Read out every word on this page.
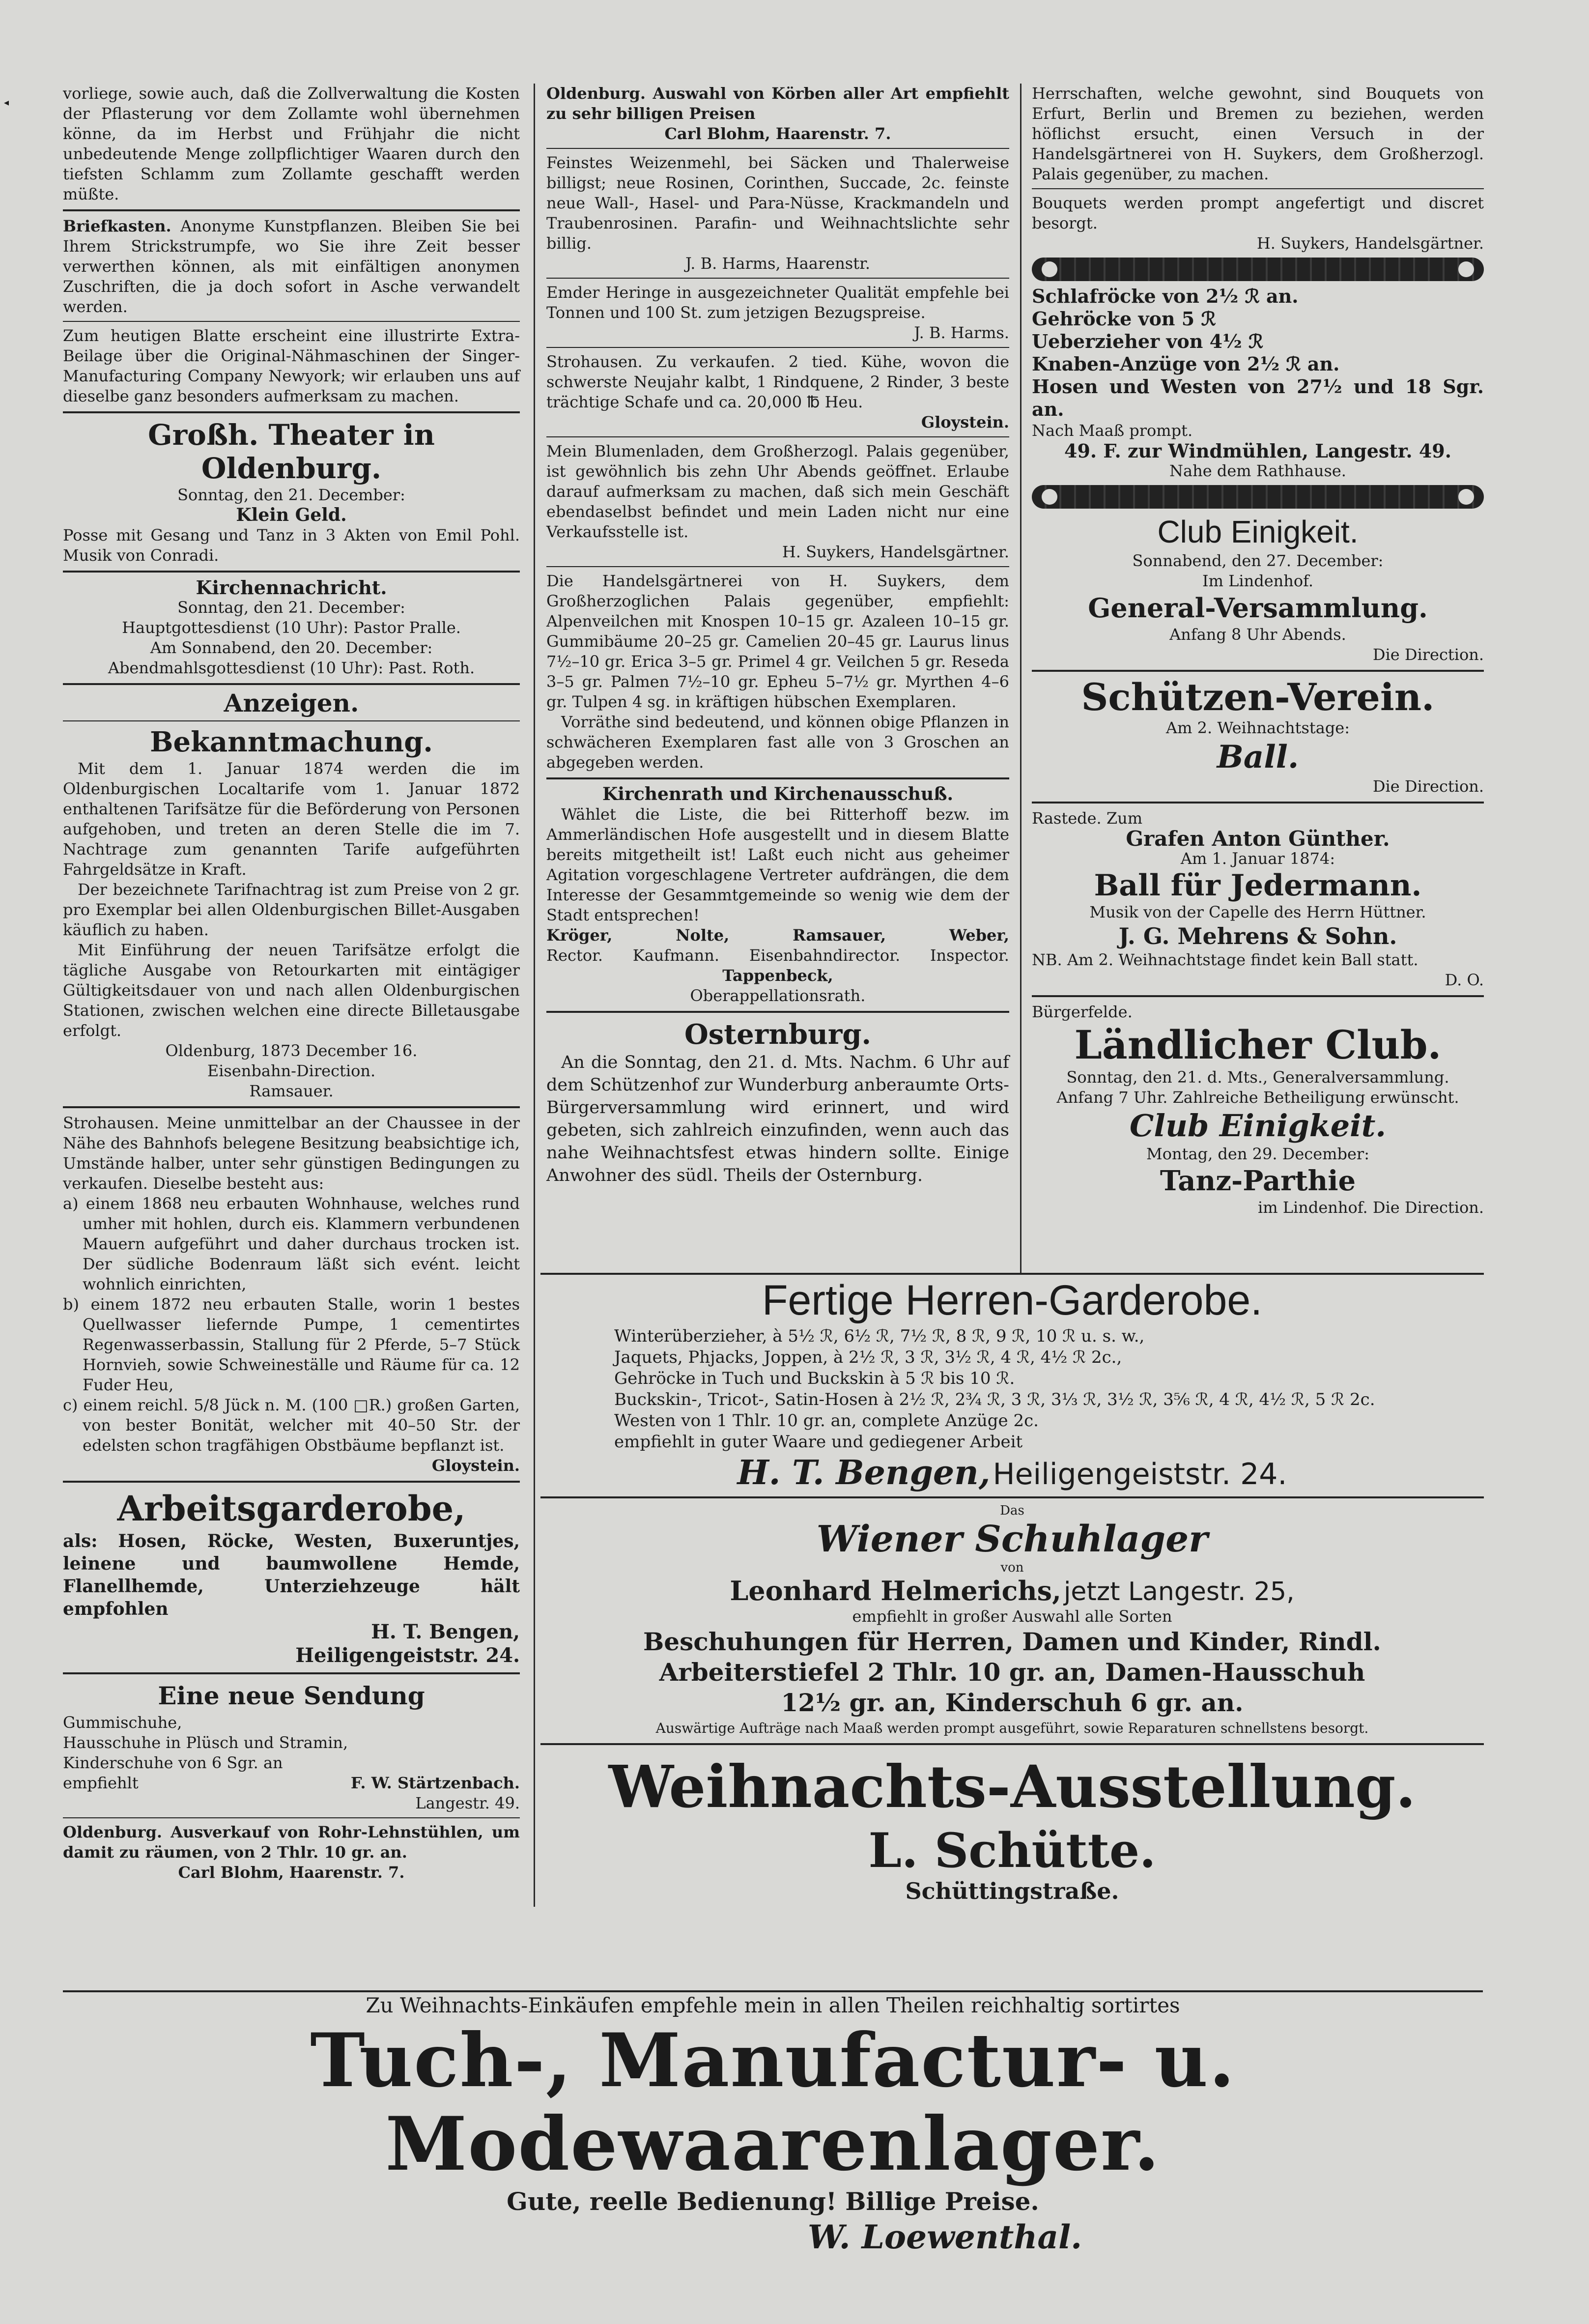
◂	vorliege, sowie auch, daß die Zollverwaltung die Kosten der Pflasterung vor dem Zollamte wohl übernehmen könne, da im Herbst und Frühjahr die nicht unbedeutende Menge zollpflichtiger Waaren durch den tiefsten Schlamm zum Zollamte geschafft werden müßte.

Briefkasten. Anonyme Kunstpflanzen. Bleiben Sie bei Ihrem Strickstrumpfe, wo Sie ihre Zeit besser verwerthen können, als mit einfältigen anonymen Zuschriften, die ja doch sofort in Asche verwandelt werden.

Zum heutigen Blatte erscheint eine illustrirte Extra-Beilage über die Original-Nähmaschinen der Singer-Manufacturing Company Newyork; wir erlauben uns auf dieselbe ganz besonders aufmerksam zu machen.

Großh. Theater in Oldenburg.

Sonntag, den 21. December:

Klein Geld.

Posse mit Gesang und Tanz in 3 Akten von Emil Pohl. Musik von Conradi.

Kirchennachricht.

Sonntag, den 21. December:

Hauptgottesdienst (10 Uhr): Pastor Pralle.

Am Sonnabend, den 20. December:

Abendmahlsgottesdienst (10 Uhr): Past. Roth.

Anzeigen.

Bekanntmachung.

Mit dem 1. Januar 1874 werden die im Oldenburgischen Localtarife vom 1. Januar 1872 enthaltenen Tarifsätze für die Beförderung von Personen aufgehoben, und treten an deren Stelle die im 7. Nachtrage zum genannten Tarife aufgeführten Fahrgeldsätze in Kraft.

Der bezeichnete Tarifnachtrag ist zum Preise von 2 gr. pro Exemplar bei allen Oldenburgischen Billet-Ausgaben käuflich zu haben.

Mit Einführung der neuen Tarifsätze erfolgt die tägliche Ausgabe von Retourkarten mit eintägiger Gültigkeitsdauer von und nach allen Oldenburgischen Stationen, zwischen welchen eine directe Billetausgabe erfolgt.

Oldenburg, 1873 December 16.

Eisenbahn-Direction.

Ramsauer.

Strohausen. Meine unmittelbar an der Chaussee in der Nähe des Bahnhofs belegene Besitzung beabsichtige ich, Umstände halber, unter sehr günstigen Bedingungen zu verkaufen. Dieselbe besteht aus:

a) einem 1868 neu erbauten Wohnhause, welches rund umher mit hohlen, durch eis. Klammern verbundenen Mauern aufgeführt und daher durchaus trocken ist. Der südliche Bodenraum läßt sich evént. leicht wohnlich einrichten,

b) einem 1872 neu erbauten Stalle, worin 1 bestes Quellwasser liefernde Pumpe, 1 cementirtes Regenwasserbassin, Stallung für 2 Pferde, 5–7 Stück Hornvieh, sowie Schweineställe und Räume für ca. 12 Fuder Heu,

c) einem reichl. 5/8 Jück n. M. (100 □R.) großen Garten, von bester Bonität, welcher mit 40–50 Str. der edelsten schon tragfähigen Obstbäume bepflanzt ist.

Gloystein.

Arbeitsgarderobe,

als: Hosen, Röcke, Westen, Buxeruntjes, leinene und baumwollene Hemde, Flanellhemde, Unterziehzeuge hält empfohlen

H. T. Bengen,

Heiligengeiststr. 24.

Eine neue Sendung

Gummischuhe,

Hausschuhe in Plüsch und Stramin,

Kinderschuhe von 6 Sgr. an

empfiehlt	F. W. Stärtzenbach.

Langestr. 49.

Oldenburg. Ausverkauf von Rohr-Lehnstühlen, um damit zu räumen, von 2 Thlr. 10 gr. an.

Carl Blohm, Haarenstr. 7.

Oldenburg. Auswahl von Körben aller Art empfiehlt zu sehr billigen Preisen

Carl Blohm, Haarenstr. 7.

Feinstes Weizenmehl, bei Säcken und Thalerweise billigst; neue Rosinen, Corinthen, Succade, 2c. feinste neue Wall-, Hasel- und Para-Nüsse, Krackmandeln und Traubenrosinen. Parafin- und Weihnachtslichte sehr billig.

J. B. Harms, Haarenstr.

Emder Heringe in ausgezeichneter Qualität empfehle bei Tonnen und 100 St. zum jetzigen Bezugspreise.

J. B. Harms.

Strohausen. Zu verkaufen. 2 tied. Kühe, wovon die schwerste Neujahr kalbt, 1 Rindquene, 2 Rinder, 3 beste trächtige Schafe und ca. 20,000 ℔ Heu.

Gloystein.

Mein Blumenladen, dem Großherzogl. Palais gegenüber, ist gewöhnlich bis zehn Uhr Abends geöffnet. Erlaube darauf aufmerksam zu machen, daß sich mein Geschäft ebendaselbst befindet und mein Laden nicht nur eine Verkaufsstelle ist.

H. Suykers, Handelsgärtner.

Die Handelsgärtnerei von H. Suykers, dem Großherzoglichen Palais gegenüber, empfiehlt: Alpenveilchen mit Knospen 10–15 gr. Azaleen 10–15 gr. Gummibäume 20–25 gr. Camelien 20–45 gr. Laurus linus 7½–10 gr. Erica 3–5 gr. Primel 4 gr. Veilchen 5 gr. Reseda 3–5 gr. Palmen 7½–10 gr. Epheu 5–7½ gr. Myrthen 4–6 gr. Tulpen 4 sg. in kräftigen hübschen Exemplaren.

Vorräthe sind bedeutend, und können obige Pflanzen in schwächeren Exemplaren fast alle von 3 Groschen an abgegeben werden.

Kirchenrath und Kirchenausschuß.

Wählet die Liste, die bei Ritterhoff bezw. im Ammerländischen Hofe ausgestellt und in diesem Blatte bereits mitgetheilt ist! Laßt euch nicht aus geheimer Agitation vorgeschlagene Vertreter aufdrängen, die dem Interesse der Gesammtgemeinde so wenig wie dem der Stadt entsprechen!

Kröger,	Nolte,	Ramsauer,	Weber,
Rector. Kaufmann. Eisenbahndirector. Inspector.

Tappenbeck,

Oberappellationsrath.

Osternburg.

An die Sonntag, den 21. d. Mts. Nachm. 6 Uhr auf dem Schützenhof zur Wunderburg anberaumte Orts-Bürgerversammlung wird erinnert, und wird gebeten, sich zahlreich einzufinden, wenn auch das nahe Weihnachtsfest etwas hindern sollte. Einige Anwohner des südl. Theils der Osternburg.

Herrschaften, welche gewohnt, sind Bouquets von Erfurt, Berlin und Bremen zu beziehen, werden höflichst ersucht, einen Versuch in der Handelsgärtnerei von H. Suykers, dem Großherzogl. Palais gegenüber, zu machen.

Bouquets werden prompt angefertigt und discret besorgt.

H. Suykers, Handelsgärtner.

Schlafröcke von 2½ ℛ an.

Gehröcke von 5 ℛ

Ueberzieher von 4½ ℛ

Knaben-Anzüge von 2½ ℛ an.

Hosen und Westen von 27½ und 18 Sgr. an.

Nach Maaß prompt.

49. F. zur Windmühlen, Langestr. 49.

Nahe dem Rathhause.

Club Einigkeit.

Sonnabend, den 27. December:

Im Lindenhof.

General-Versammlung.

Anfang 8 Uhr Abends.

Die Direction.

Schützen-Verein.

Am 2. Weihnachtstage:

Ball.

Die Direction.

Rastede. Zum

Grafen Anton Günther.

Am 1. Januar 1874:

Ball für Jedermann.

Musik von der Capelle des Herrn Hüttner.

J. G. Mehrens & Sohn.

NB. Am 2. Weihnachtstage findet kein Ball statt.

D. O.

Bürgerfelde.

Ländlicher Club.

Sonntag, den 21. d. Mts., Generalversammlung.

Anfang 7 Uhr. Zahlreiche Betheiligung erwünscht.

Club Einigkeit.

Montag, den 29. December:

Tanz-Parthie

im Lindenhof. Die Direction.

Fertige Herren-Garderobe.

Winterüberzieher, à 5½ ℛ, 6½ ℛ, 7½ ℛ, 8 ℛ, 9 ℛ, 10 ℛ u. s. w.,

Jaquets, Phjacks, Joppen, à 2½ ℛ, 3 ℛ, 3½ ℛ, 4 ℛ, 4½ ℛ 2c.,

Gehröcke in Tuch und Buckskin à 5 ℛ bis 10 ℛ.

Buckskin-, Tricot-, Satin-Hosen à 2½ ℛ, 2¾ ℛ, 3 ℛ, 3⅓ ℛ, 3½ ℛ, 3⅚ ℛ, 4 ℛ, 4½ ℛ, 5 ℛ 2c.

Westen von 1 Thlr. 10 gr. an, complete Anzüge 2c.

empfiehlt in guter Waare und gediegener Arbeit

H. T. Bengen, Heiligengeiststr. 24.

Das

Wiener Schuhlager

von

Leonhard Helmerichs, jetzt Langestr. 25,

empfiehlt in großer Auswahl alle Sorten

Beschuhungen für Herren, Damen und Kinder, Rindl.

Arbeiterstiefel 2 Thlr. 10 gr. an, Damen-Hausschuh

12½ gr. an, Kinderschuh 6 gr. an.

Auswärtige Aufträge nach Maaß werden prompt ausgeführt, sowie Reparaturen schnellstens besorgt.

Weihnachts-Ausstellung.

L. Schütte.

Schüttingstraße.

Zu Weihnachts-Einkäufen empfehle mein in allen Theilen reichhaltig sortirtes

Tuch-, Manufactur- u. Modewaarenlager.

Gute, reelle Bedienung! Billige Preise.

W. Loewenthal.
